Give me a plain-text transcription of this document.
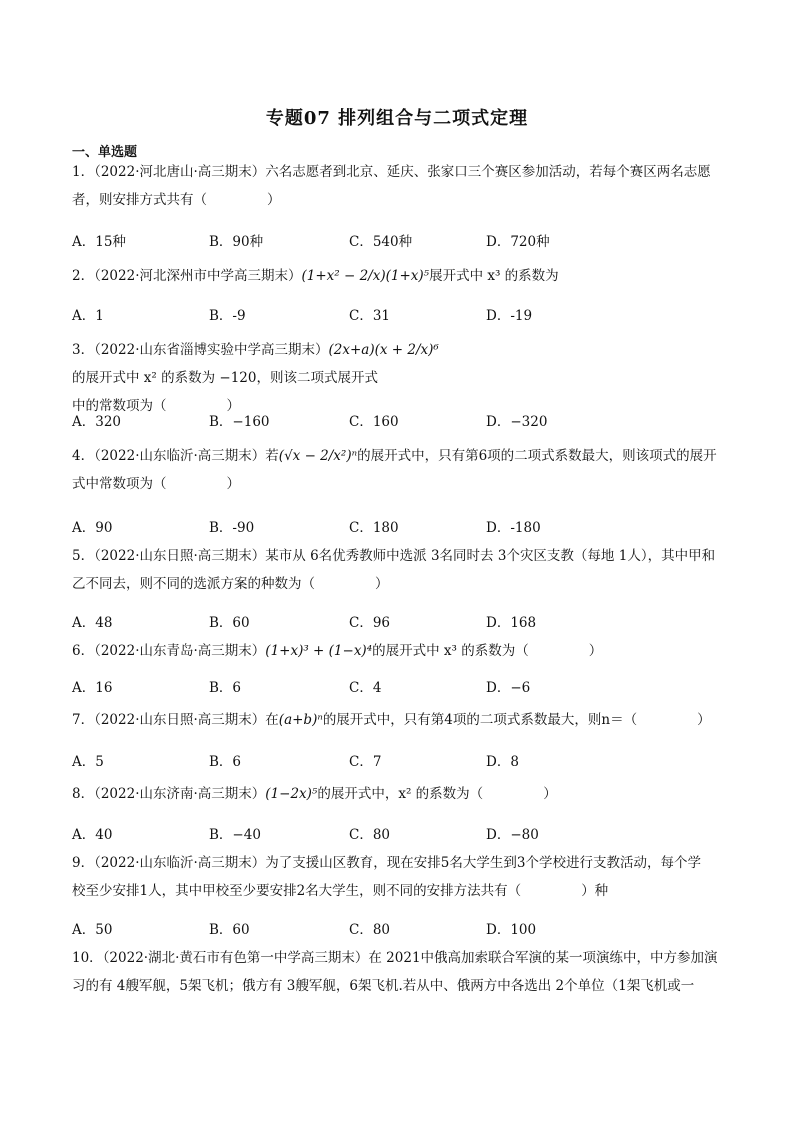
专题07 排列组合与二项式定理
一、单选题
1．（2022·河北唐山·高三期末）六名志愿者到北京、延庆、张家口三个赛区参加活动，若每个赛区两名志愿
者，则安排方式共有（	）
A．15种	B．90种	C．540种	D．720种
2．（2022·河北深州市中学高三期末）(1+x² − 2/x)(1+x)⁵展开式中 x³ 的系数为
A．1	B．-9	C．31	D．-19
3．（2022·山东省淄博实验中学高三期末）(2x+a)(x + 2/x)⁶的展开式中 x² 的系数为 −120，则该二项式展开式
中的常数项为（	）
A．320	B．−160	C．160	D．−320
4．（2022·山东临沂·高三期末）若(√x − 2/x²)ⁿ的展开式中，只有第6项的二项式系数最大，则该项式的展开
式中常数项为（	）
A．90	B．-90	C．180	D．-180
5．（2022·山东日照·高三期末）某市从 6名优秀教师中选派 3名同时去 3个灾区支教（每地 1人），其中甲和
乙不同去，则不同的选派方案的种数为（	）
A．48	B．60	C．96	D．168
6．（2022·山东青岛·高三期末）(1+x)³ + (1−x)⁴的展开式中 x³ 的系数为（	）
A．16	B．6	C．4	D．−6
7．（2022·山东日照·高三期末）在(a+b)ⁿ的展开式中，只有第4项的二项式系数最大，则n＝（	）
A．5	B．6	C．7	D．8
8．（2022·山东济南·高三期末）(1−2x)⁵的展开式中，x² 的系数为（	）
A．40	B．−40	C．80	D．−80
9．（2022·山东临沂·高三期末）为了支援山区教育，现在安排5名大学生到3个学校进行支教活动，每个学
校至少安排1人，其中甲校至少要安排2名大学生，则不同的安排方法共有（	）种
A．50	B．60	C．80	D．100
10．（2022·湖北·黄石市有色第一中学高三期末）在 2021中俄高加索联合军演的某一项演练中，中方参加演
习的有 4艘军舰，5架飞机；俄方有 3艘军舰，6架飞机.若从中、俄两方中各选出 2个单位（1架飞机或一
